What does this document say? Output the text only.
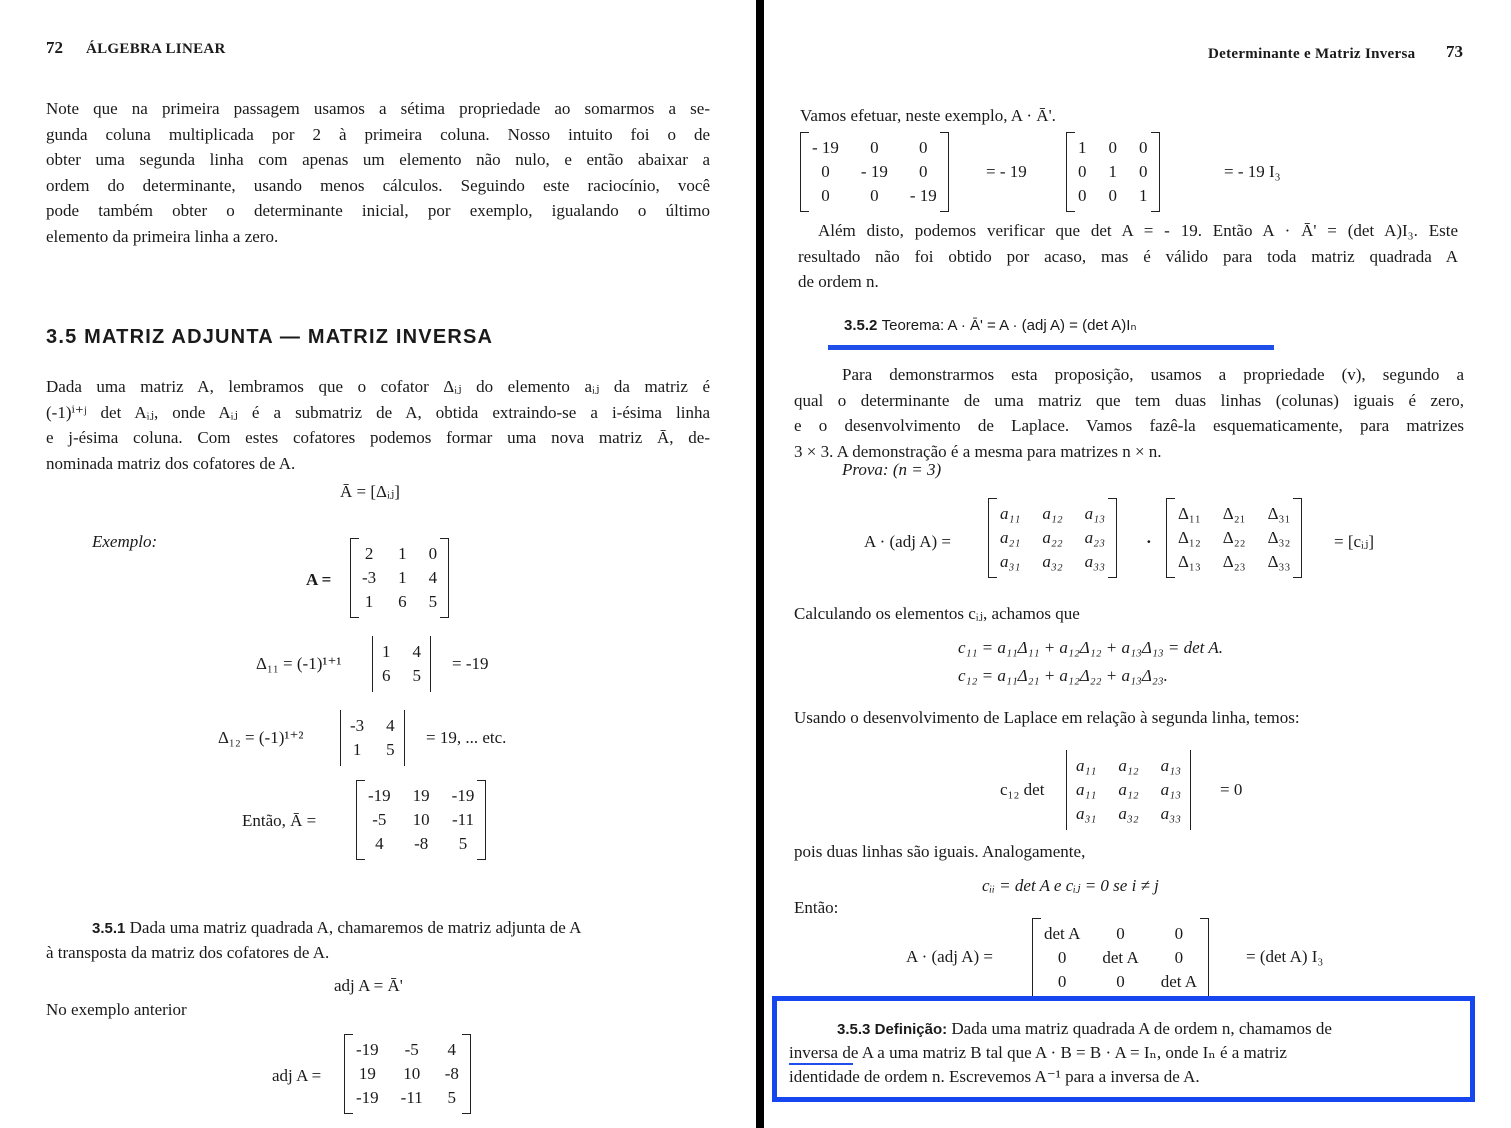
72 ÁLGEBRA LINEAR
Note que na primeira passagem usamos a sétima propriedade ao somarmos a se-
gunda coluna multiplicada por 2 à primeira coluna. Nosso intuito foi o de
obter uma segunda linha com apenas um elemento não nulo, e então abaixar a
ordem do determinante, usando menos cálculos. Seguindo este raciocínio, você
pode também obter o determinante inicial, por exemplo, igualando o último
elemento da primeira linha a zero.
3.5 MATRIZ ADJUNTA — MATRIZ INVERSA
Dada uma matriz A, lembramos que o cofator Δᵢⱼ do elemento aᵢⱼ da matriz é
(-1)ⁱ⁺ʲ det Aᵢⱼ, onde Aᵢⱼ é a submatriz de A, obtida extraindo-se a i-ésima linha
e j-ésima coluna. Com estes cofatores podemos formar uma nova matriz Ā, de-
nominada matriz dos cofatores de A.
Ā = [Δᵢⱼ]
Exemplo:
A =
2 1 0
-3 1 4
1 6 5
Δ₁₁ = (-1)¹⁺¹
1 4
6 5
= -19
Δ₁₂ = (-1)¹⁺²
-3 4
1 5
= 19, ... etc.
Então, Ā =
-19 19 -19
-5 10 -11
4	-8	5
3.5.1 Dada uma matriz quadrada A, chamaremos de matriz adjunta de A
à transposta da matriz dos cofatores de A.
adj A = Ā'
No exemplo anterior
adj A =
-19 -5 4
19 10 -8
-19 -11 5
Determinante e Matriz Inversa 73
Vamos efetuar, neste exemplo, A · Ā'.
- 19	0	0
0	- 19	0
0	0	- 19
= - 19
1 0 0
0 1 0
0 0 1
= - 19 I₃
Além disto, podemos verificar que det A = - 19. Então A · Ā' = (det A)I₃. Este
resultado não foi obtido por acaso, mas é válido para toda matriz quadrada A
de ordem n.
3.5.2 Teorema: A · Ā' = A · (adj A) = (det A)Iₙ
Para demonstrarmos esta proposição, usamos a propriedade (v), segundo a
qual o determinante de uma matriz que tem duas linhas (colunas) iguais é zero,
e o desenvolvimento de Laplace. Vamos fazê-la esquematicamente, para matrizes
3 × 3. A demonstração é a mesma para matrizes n × n.
Prova: (n = 3)
A · (adj A) =
a₁₁ a₁₂ a₁₃
a₂₁ a₂₂ a₂₃
a₃₁ a₃₂ a₃₃
·
Δ₁₁ Δ₂₁ Δ₃₁
Δ₁₂ Δ₂₂ Δ₃₂
Δ₁₃ Δ₂₃ Δ₃₃
= [cᵢⱼ]
Calculando os elementos cᵢⱼ, achamos que
c₁₁ = a₁₁Δ₁₁ + a₁₂Δ₁₂ + a₁₃Δ₁₃ = det A.
c₁₂ = a₁₁Δ₂₁ + a₁₂Δ₂₂ + a₁₃Δ₂₃.
Usando o desenvolvimento de Laplace em relação à segunda linha, temos:
c₁₂ det
a₁₁ a₁₂ a₁₃
a₁₁ a₁₂ a₁₃
a₃₁ a₃₂ a₃₃
= 0
pois duas linhas são iguais. Analogamente,
cᵢᵢ = det A e cᵢⱼ = 0 se i ≠ j
Então:
A · (adj A) =
det A	0	0
0	det A	0
0	0	det A
= (det A) I₃
3.5.3 Definição: Dada uma matriz quadrada A de ordem n, chamamos de
inversa de A a uma matriz B tal que A · B = B · A = Iₙ, onde Iₙ é a matriz
identidade de ordem n. Escrevemos A⁻¹ para a inversa de A.
